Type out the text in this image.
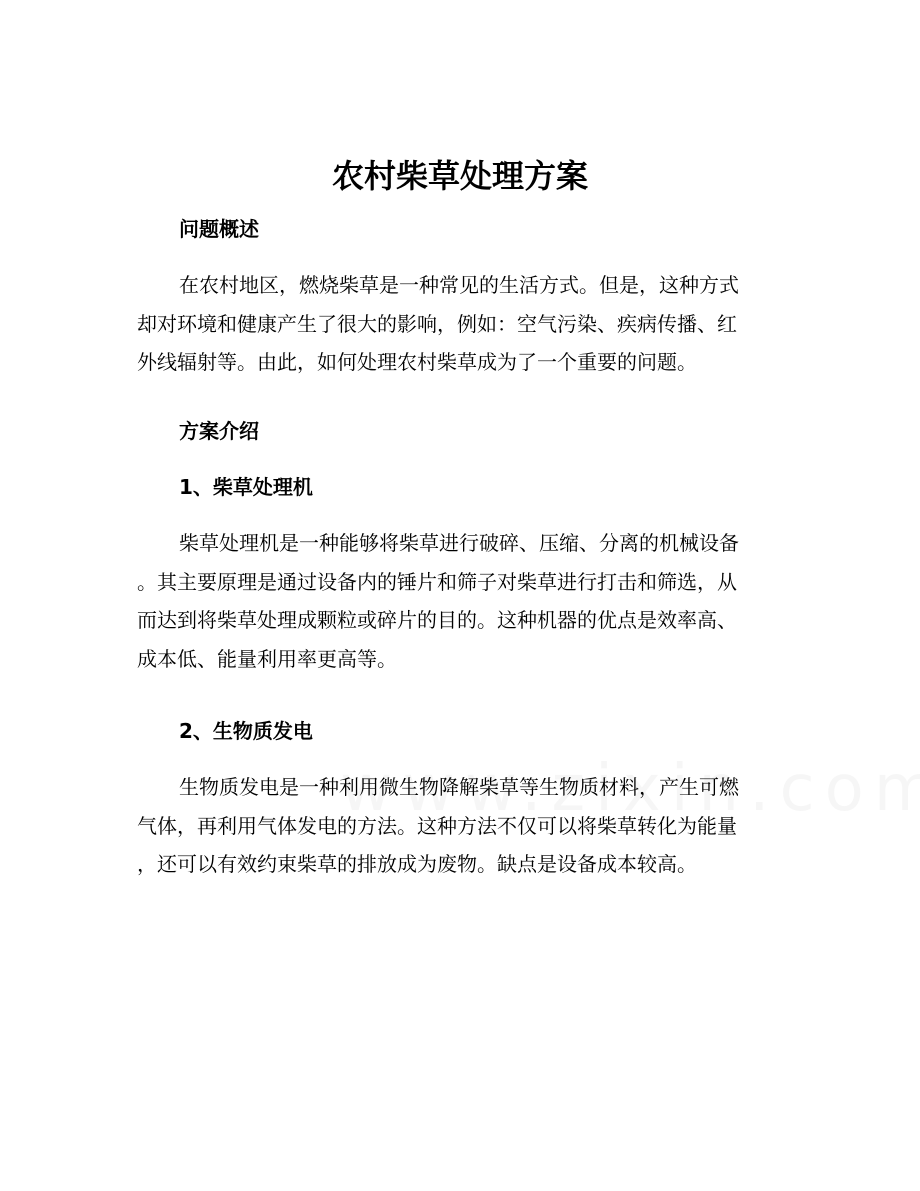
农村柴草处理方案
问题概述
在农村地区，燃烧柴草是一种常见的生活方式。但是，这种方式
却对环境和健康产生了很大的影响，例如：空气污染、疾病传播、红
外线辐射等。由此，如何处理农村柴草成为了一个重要的问题。
方案介绍
1、柴草处理机
柴草处理机是一种能够将柴草进行破碎、压缩、分离的机械设备
。其主要原理是通过设备内的锤片和筛子对柴草进行打击和筛选，从
而达到将柴草处理成颗粒或碎片的目的。这种机器的优点是效率高、
成本低、能量利用率更高等。
2、生物质发电
生物质发电是一种利用微生物降解柴草等生物质材料，产生可燃
气体，再利用气体发电的方法。这种方法不仅可以将柴草转化为能量
，还可以有效约束柴草的排放成为废物。缺点是设备成本较高。
